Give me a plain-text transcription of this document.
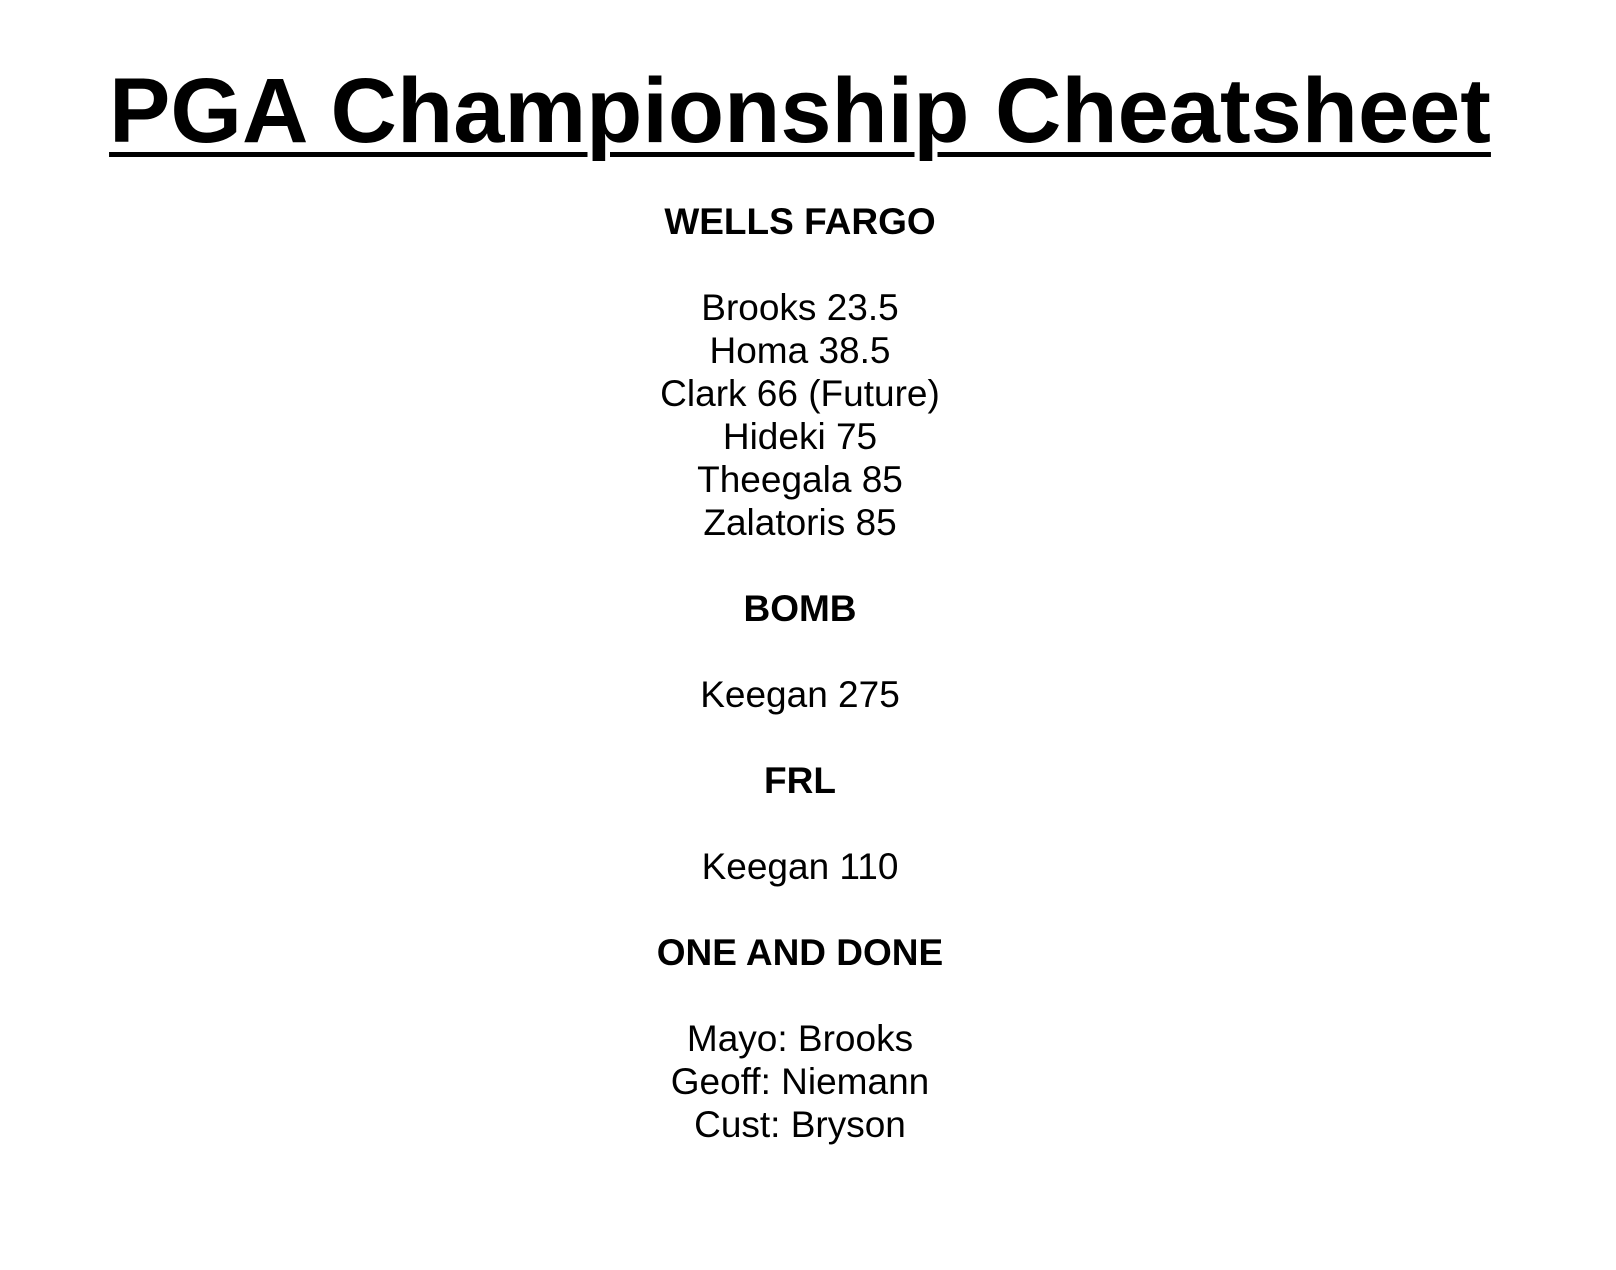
PGA Championship Cheatsheet
WELLS FARGO
Brooks 23.5
Homa 38.5
Clark 66 (Future)
Hideki 75
Theegala 85
Zalatoris 85
BOMB
Keegan 275
FRL
Keegan 110
ONE AND DONE
Mayo: Brooks
Geoff: Niemann
Cust: Bryson
